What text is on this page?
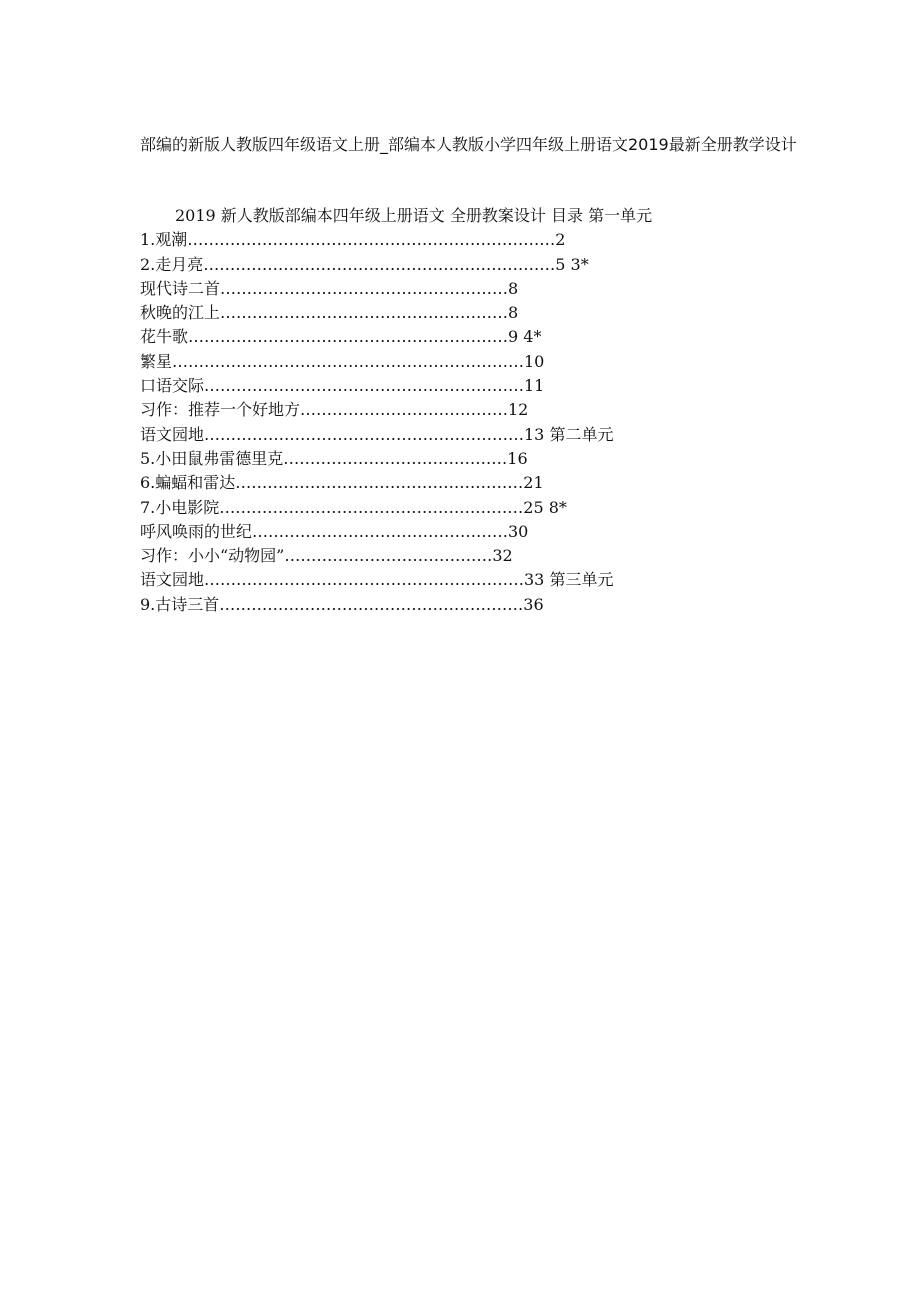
部编的新版人教版四年级语文上册_部编本人教版小学四年级上册语文2019最新全册教学设计
2019 新人教版部编本四年级上册语文 全册教案设计 目录 第一单元
1.观潮……………………………………………………………2
2.走月亮…………………………………………………………5 3*
现代诗二首………………………………………………8
秋晚的江上………………………………………………8
花牛歌……………………………………………………9 4*
繁星…………………………………………………………10
口语交际……………………………………………………11
习作：推荐一个好地方…………………………………12
语文园地……………………………………………………13 第二单元
5.小田鼠弗雷德里克……………………………………16
6.蝙蝠和雷达………………………………………………21
7.小电影院…………………………………………………25 8*
呼风唤雨的世纪…………………………………………30
习作：小小“动物园”…………………………………32
语文园地……………………………………………………33 第三单元
9.古诗三首…………………………………………………36
